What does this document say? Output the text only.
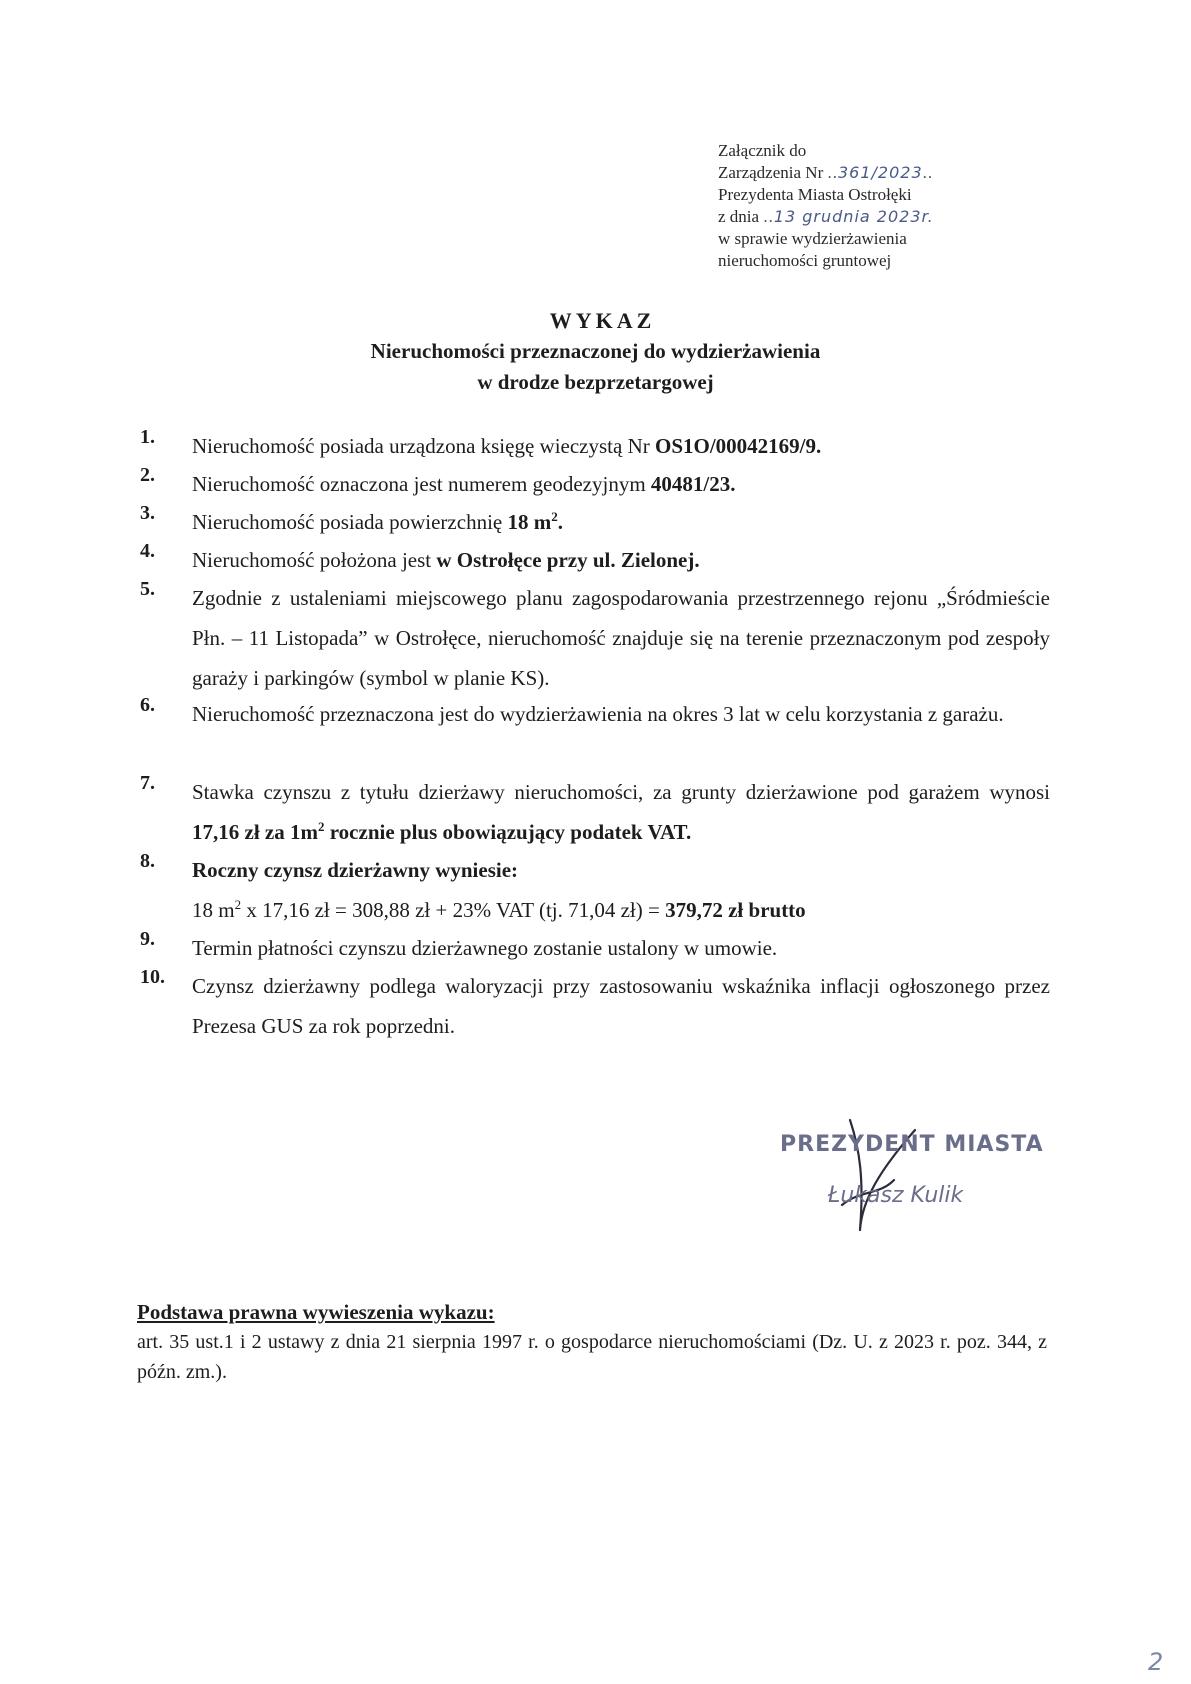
Załącznik do
Zarządzenia Nr ..361/2023..
Prezydenta Miasta Ostrołęki
z dnia ..13 grudnia 2023r.
w sprawie wydzierżawienia
nieruchomości gruntowej
WYKAZ
Nieruchomości przeznaczonej do wydzierżawienia
w drodze bezprzetargowej
1.	Nieruchomość posiada urządzona księgę wieczystą Nr OS1O/00042169/9.
2.	Nieruchomość oznaczona jest numerem geodezyjnym 40481/23.
3.	Nieruchomość posiada powierzchnię 18 $m^2$.
4.	Nieruchomość położona jest w Ostrołęce przy ul. Zielonej.
5.	Zgodnie z ustaleniami miejscowego planu zagospodarowania przestrzennego rejonu „Śródmieście Płn. – 11 Listopada” w Ostrołęce, nieruchomość znajduje się na terenie przeznaczonym pod zespoły garaży i parkingów (symbol w planie KS).
6.	Nieruchomość przeznaczona jest do wydzierżawienia na okres 3 lat w celu korzystania z garażu.
7.	Stawka czynszu z tytułu dzierżawy nieruchomości, za grunty dzierżawione pod garażem wynosi 17,16 zł za $1m^2$ rocznie plus obowiązujący podatek VAT.
8.	Roczny czynsz dzierżawny wyniesie:
18 $m^2$ x 17,16 zł = 308,88 zł + 23% VAT (tj. 71,04 zł) = 379,72 zł brutto
9.	Termin płatności czynszu dzierżawnego zostanie ustalony w umowie.
10. Czynsz dzierżawny podlega waloryzacji przy zastosowaniu wskaźnika inflacji ogłoszonego przez Prezesa GUS za rok poprzedni.
PREZYDENT MIASTA
Łukasz Kulik
Podstawa prawna wywieszenia wykazu:
art. 35 ust.1 i 2 ustawy z dnia 21 sierpnia 1997 r. o gospodarce nieruchomościami (Dz. U. z 2023 r. poz. 344, z późn. zm.).
2
